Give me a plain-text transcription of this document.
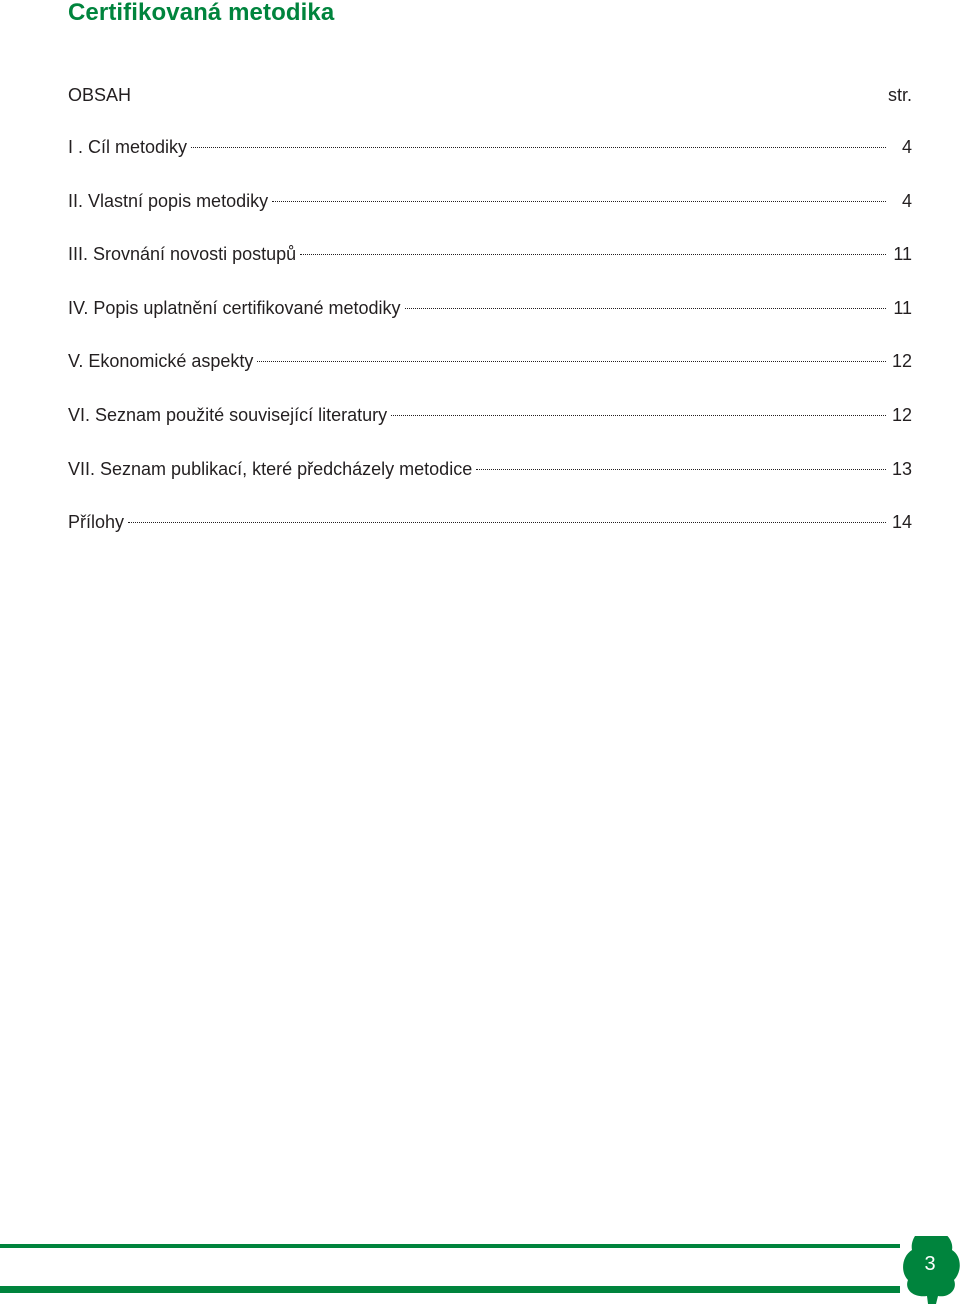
Certifikovaná metodika
OBSAH	str.
I . Cíl metodiky	4
II. Vlastní popis metodiky	4
III. Srovnání novosti postupů	11
IV. Popis uplatnění certifikované metodiky	11
V. Ekonomické aspekty	12
VI. Seznam použité související literatury	12
VII. Seznam publikací, které předcházely metodice	13
Přílohy	14
3
